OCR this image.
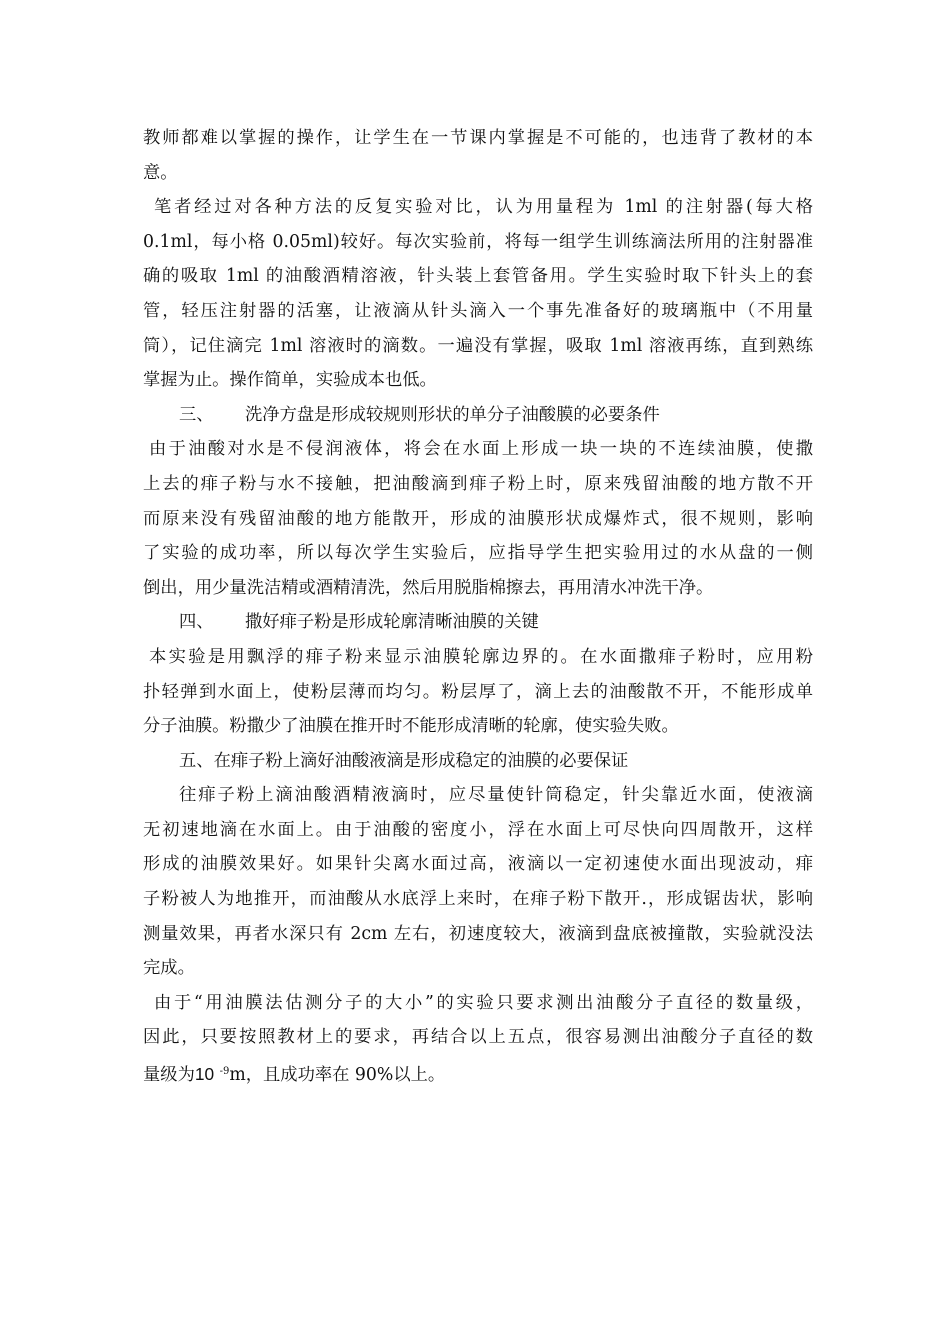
教师都难以掌握的操作，让学生在一节课内掌握是不可能的，也违背了教材的本

意。

笔者经过对各种方法的反复实验对比，认为用量程为 1ml 的注射器(每大格

0.1ml，每小格 0.05ml)较好。每次实验前，将每一组学生训练滴法所用的注射器准

确的吸取 1ml 的油酸酒精溶液，针头装上套管备用。学生实验时取下针头上的套

管，轻压注射器的活塞，让液滴从针头滴入一个事先准备好的玻璃瓶中（不用量

筒），记住滴完 1ml 溶液时的滴数。一遍没有掌握，吸取 1ml 溶液再练，直到熟练

掌握为止。操作简单，实验成本也低。

三、 洗净方盘是形成较规则形状的单分子油酸膜的必要条件

由于油酸对水是不侵润液体，将会在水面上形成一块一块的不连续油膜，使撒

上去的痱子粉与水不接触，把油酸滴到痱子粉上时，原来残留油酸的地方散不开

而原来没有残留油酸的地方能散开，形成的油膜形状成爆炸式，很不规则，影响

了实验的成功率，所以每次学生实验后，应指导学生把实验用过的水从盘的一侧

倒出，用少量洗洁精或酒精清洗，然后用脱脂棉擦去，再用清水冲洗干净。

四、 撒好痱子粉是形成轮廓清晰油膜的关键

本实验是用飘浮的痱子粉来显示油膜轮廓边界的。在水面撒痱子粉时，应用粉

扑轻弹到水面上，使粉层薄而均匀。粉层厚了，滴上去的油酸散不开，不能形成单

分子油膜。粉撒少了油膜在推开时不能形成清晰的轮廓，使实验失败。

五、在痱子粉上滴好油酸液滴是形成稳定的油膜的必要保证

往痱子粉上滴油酸酒精液滴时，应尽量使针筒稳定，针尖靠近水面，使液滴

无初速地滴在水面上。由于油酸的密度小，浮在水面上可尽快向四周散开，这样

形成的油膜效果好。如果针尖离水面过高，液滴以一定初速使水面出现波动，痱

子粉被人为地推开，而油酸从水底浮上来时，在痱子粉下散开.，形成锯齿状，影响

测量效果，再者水深只有 2cm 左右，初速度较大，液滴到盘底被撞散，实验就没法

完成。

由于“用油膜法估测分子的大小”的实验只要求测出油酸分子直径的数量级，

因此，只要按照教材上的要求，再结合以上五点，很容易测出油酸分子直径的数

量级为10 $^{-9}$m，且成功率在 90%以上。
